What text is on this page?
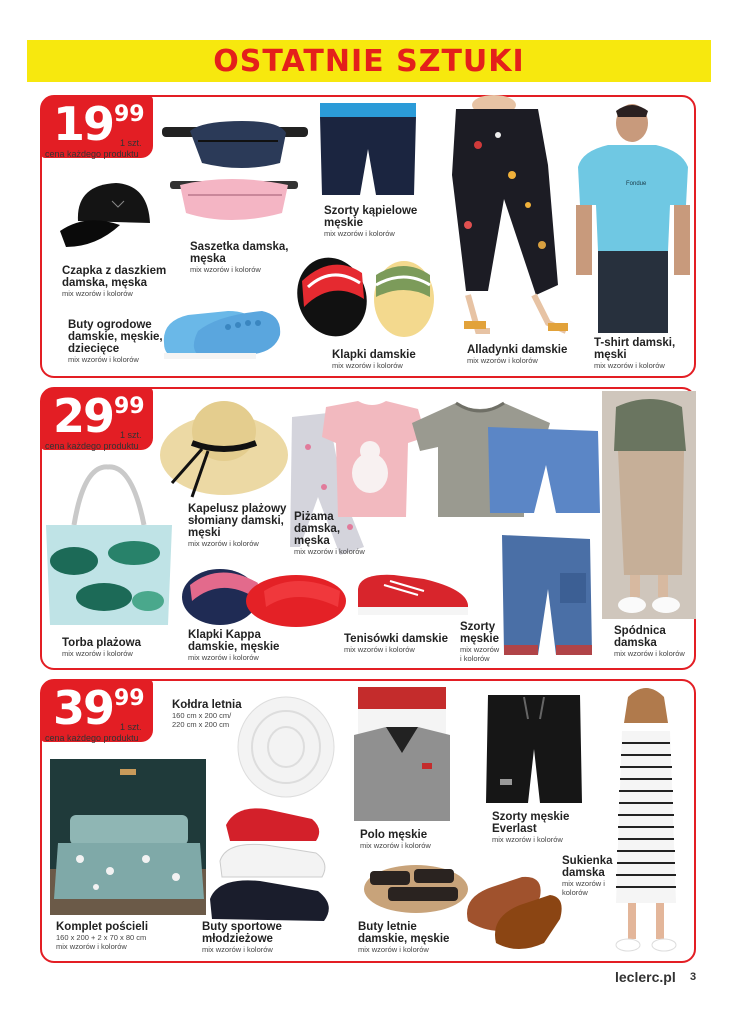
OSTATNIE SZTUKI
19 99
1 szt.
cena każdego produktu
Fondue
Czapka z daszkiem damska, męska
mix wzorów i kolorów
Saszetka damska, męska
mix wzorów i kolorów
Szorty kąpielowe męskie
mix wzorów i kolorów
Buty ogrodowe damskie, męskie, dziecięce
mix wzorów i kolorów	Klapki damskie
mix wzorów i kolorów
Alladynki damskie
mix wzorów i kolorów
T-shirt damski, męski
mix wzorów i kolorów
29 99
1 szt.
cena każdego produktu
Kapelusz plażowy słomiany damski, męski
mix wzorów i kolorów
Piżama damska, męska
mix wzorów i kolorów
Torba plażowa
mix wzorów i kolorów
Klapki Kappa damskie, męskie
mix wzorów i kolorów
Tenisówki damskie
mix wzorów i kolorów
Szorty męskie
mix wzorów i kolorów
Spódnica damska
mix wzorów i kolorów
39 99
1 szt.
cena każdego produktu
Kołdra letnia
160 cm x 200 cm/ 220 cm x 200 cm
Komplet pościeli
160 x 200 + 2 x 70 x 80 cm mix wzorów i kolorów
Buty sportowe młodzieżowe
mix wzorów i kolorów
Polo męskie
mix wzorów i kolorów
Szorty męskie Everlast
mix wzorów i kolorów
Buty letnie damskie, męskie
mix wzorów i kolorów
Sukienka damska
mix wzorów i kolorów
leclerc.pl 3
